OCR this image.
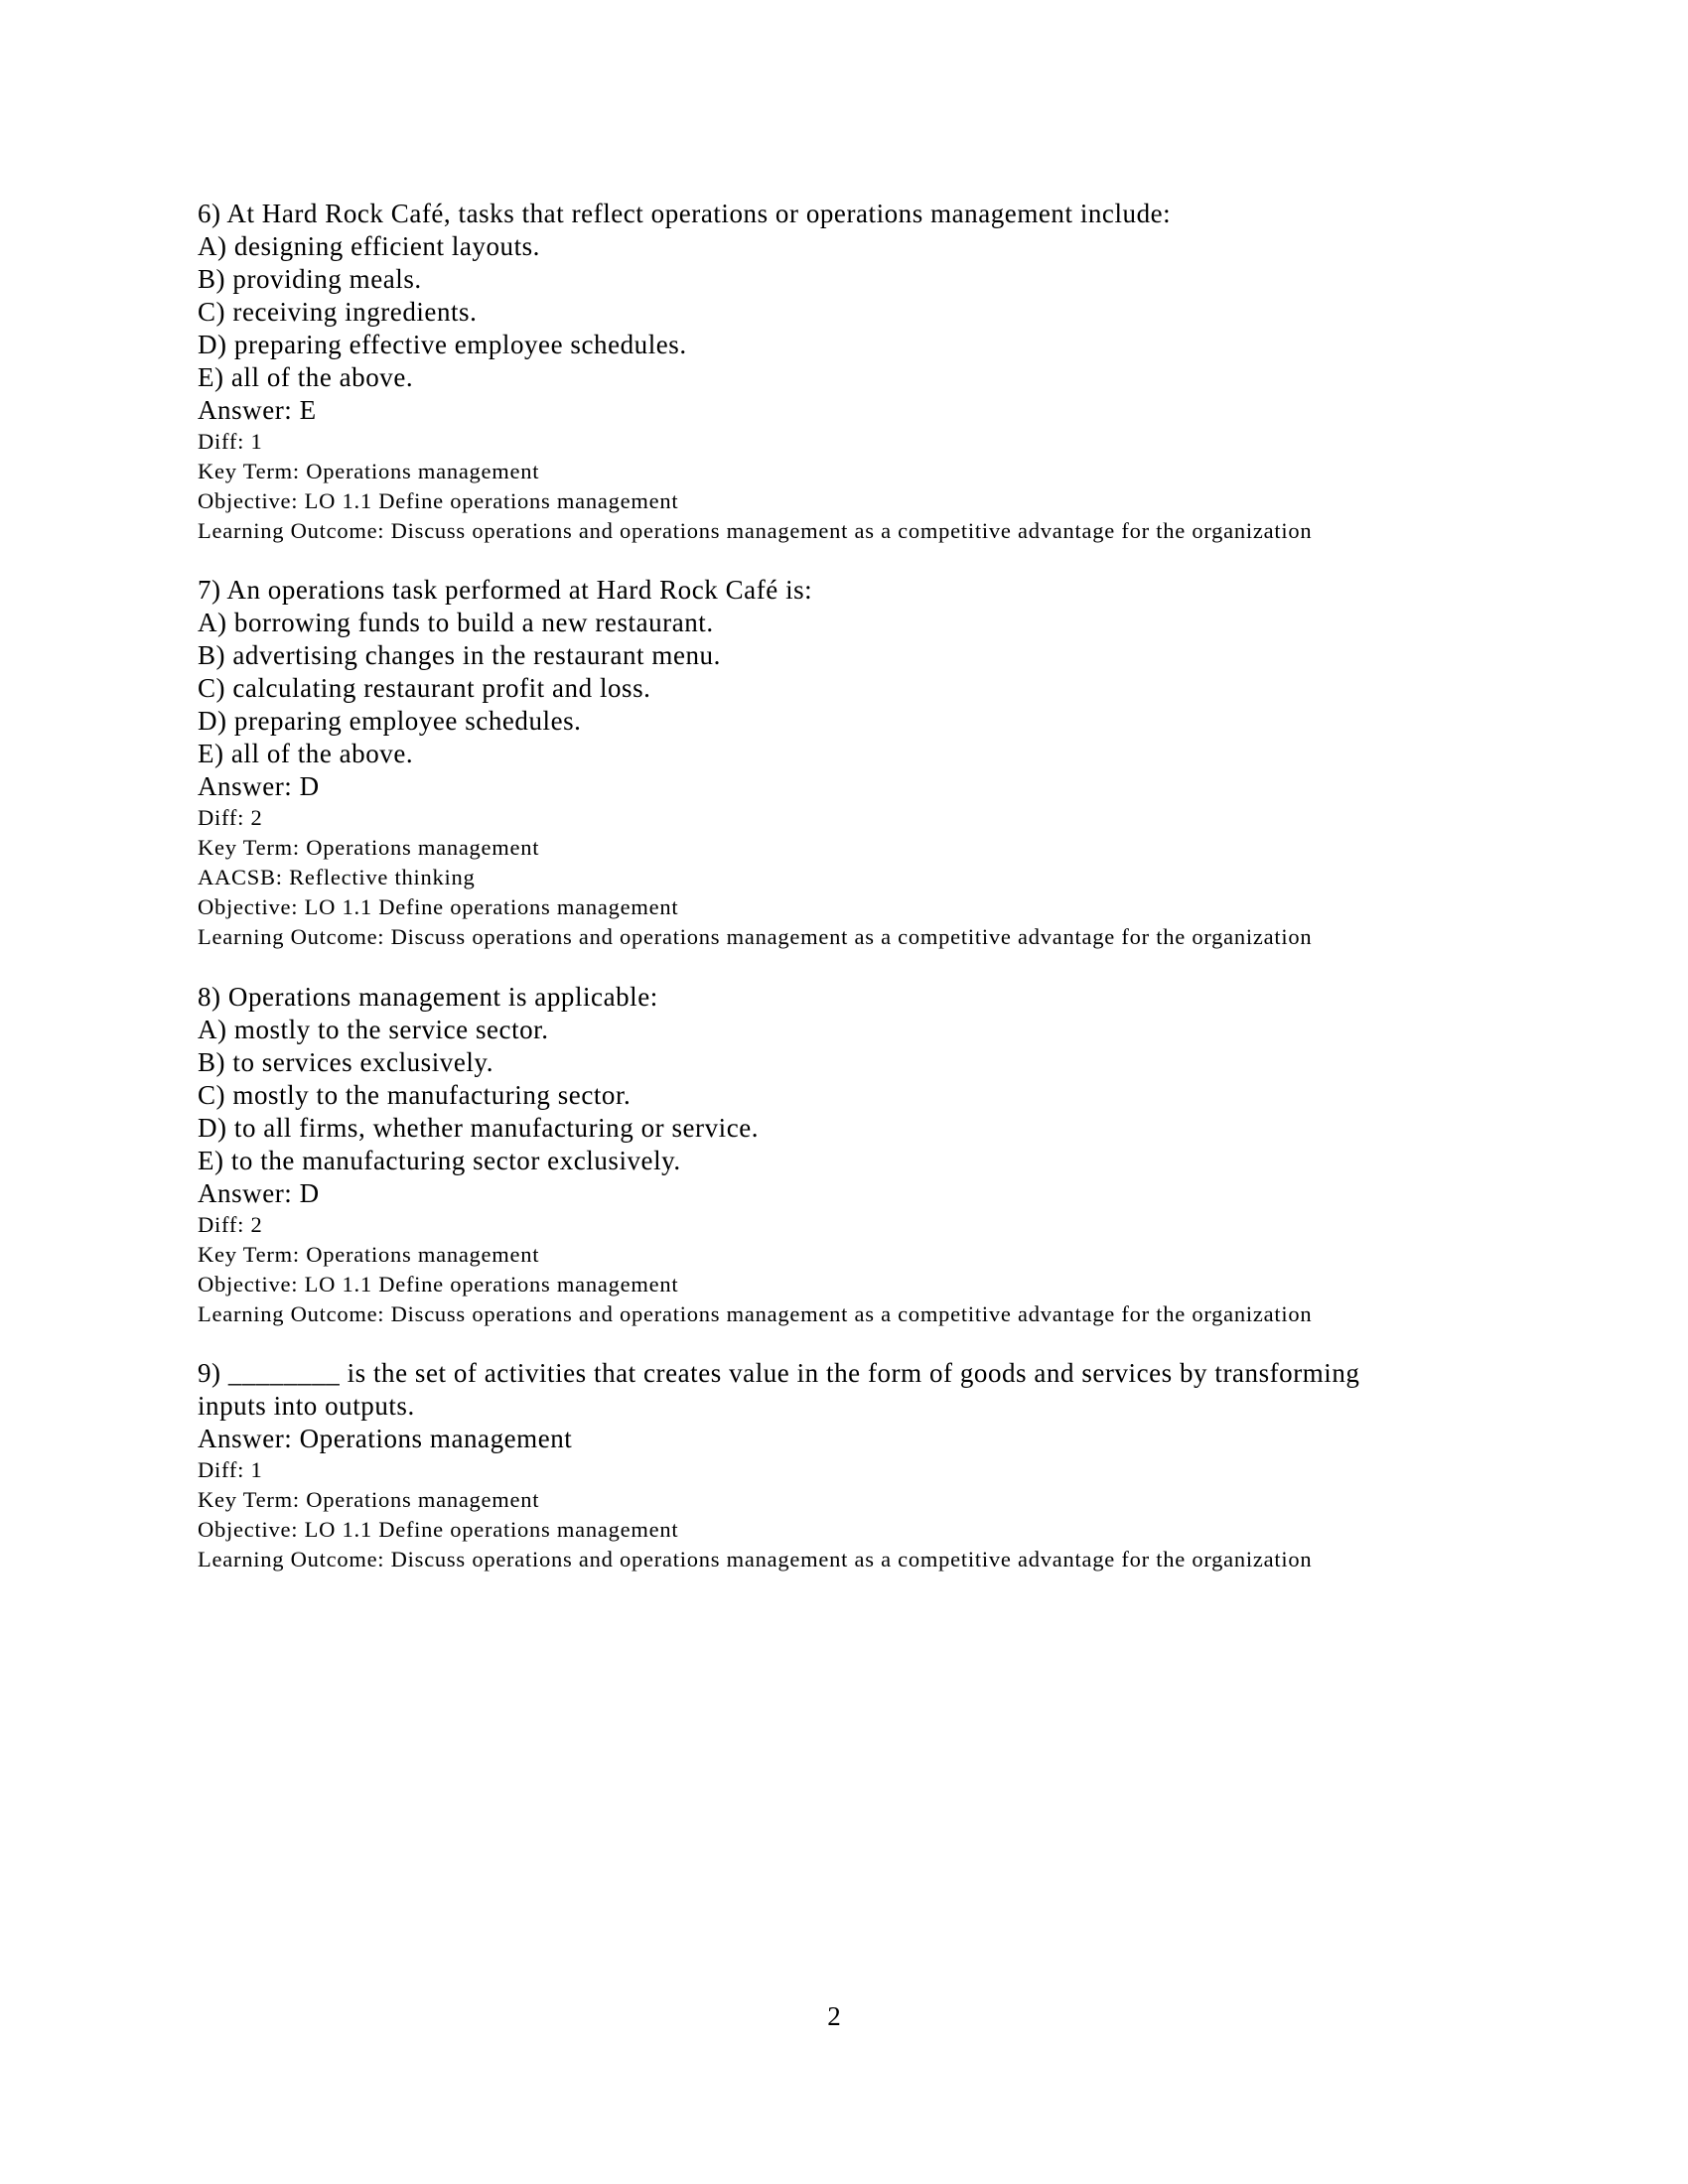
6) At Hard Rock Café, tasks that reflect operations or operations management include:
A) designing efficient layouts.
B) providing meals.
C) receiving ingredients.
D) preparing effective employee schedules.
E) all of the above.
Answer: E
Diff: 1
Key Term: Operations management
Objective: LO 1.1 Define operations management
Learning Outcome: Discuss operations and operations management as a competitive advantage for the organization
7) An operations task performed at Hard Rock Café is:
A) borrowing funds to build a new restaurant.
B) advertising changes in the restaurant menu.
C) calculating restaurant profit and loss.
D) preparing employee schedules.
E) all of the above.
Answer: D
Diff: 2
Key Term: Operations management
AACSB: Reflective thinking
Objective: LO 1.1 Define operations management
Learning Outcome: Discuss operations and operations management as a competitive advantage for the organization
8) Operations management is applicable:
A) mostly to the service sector.
B) to services exclusively.
C) mostly to the manufacturing sector.
D) to all firms, whether manufacturing or service.
E) to the manufacturing sector exclusively.
Answer: D
Diff: 2
Key Term: Operations management
Objective: LO 1.1 Define operations management
Learning Outcome: Discuss operations and operations management as a competitive advantage for the organization
9) ________ is the set of activities that creates value in the form of goods and services by transforming inputs into outputs.
Answer: Operations management
Diff: 1
Key Term: Operations management
Objective: LO 1.1 Define operations management
Learning Outcome: Discuss operations and operations management as a competitive advantage for the organization
2
